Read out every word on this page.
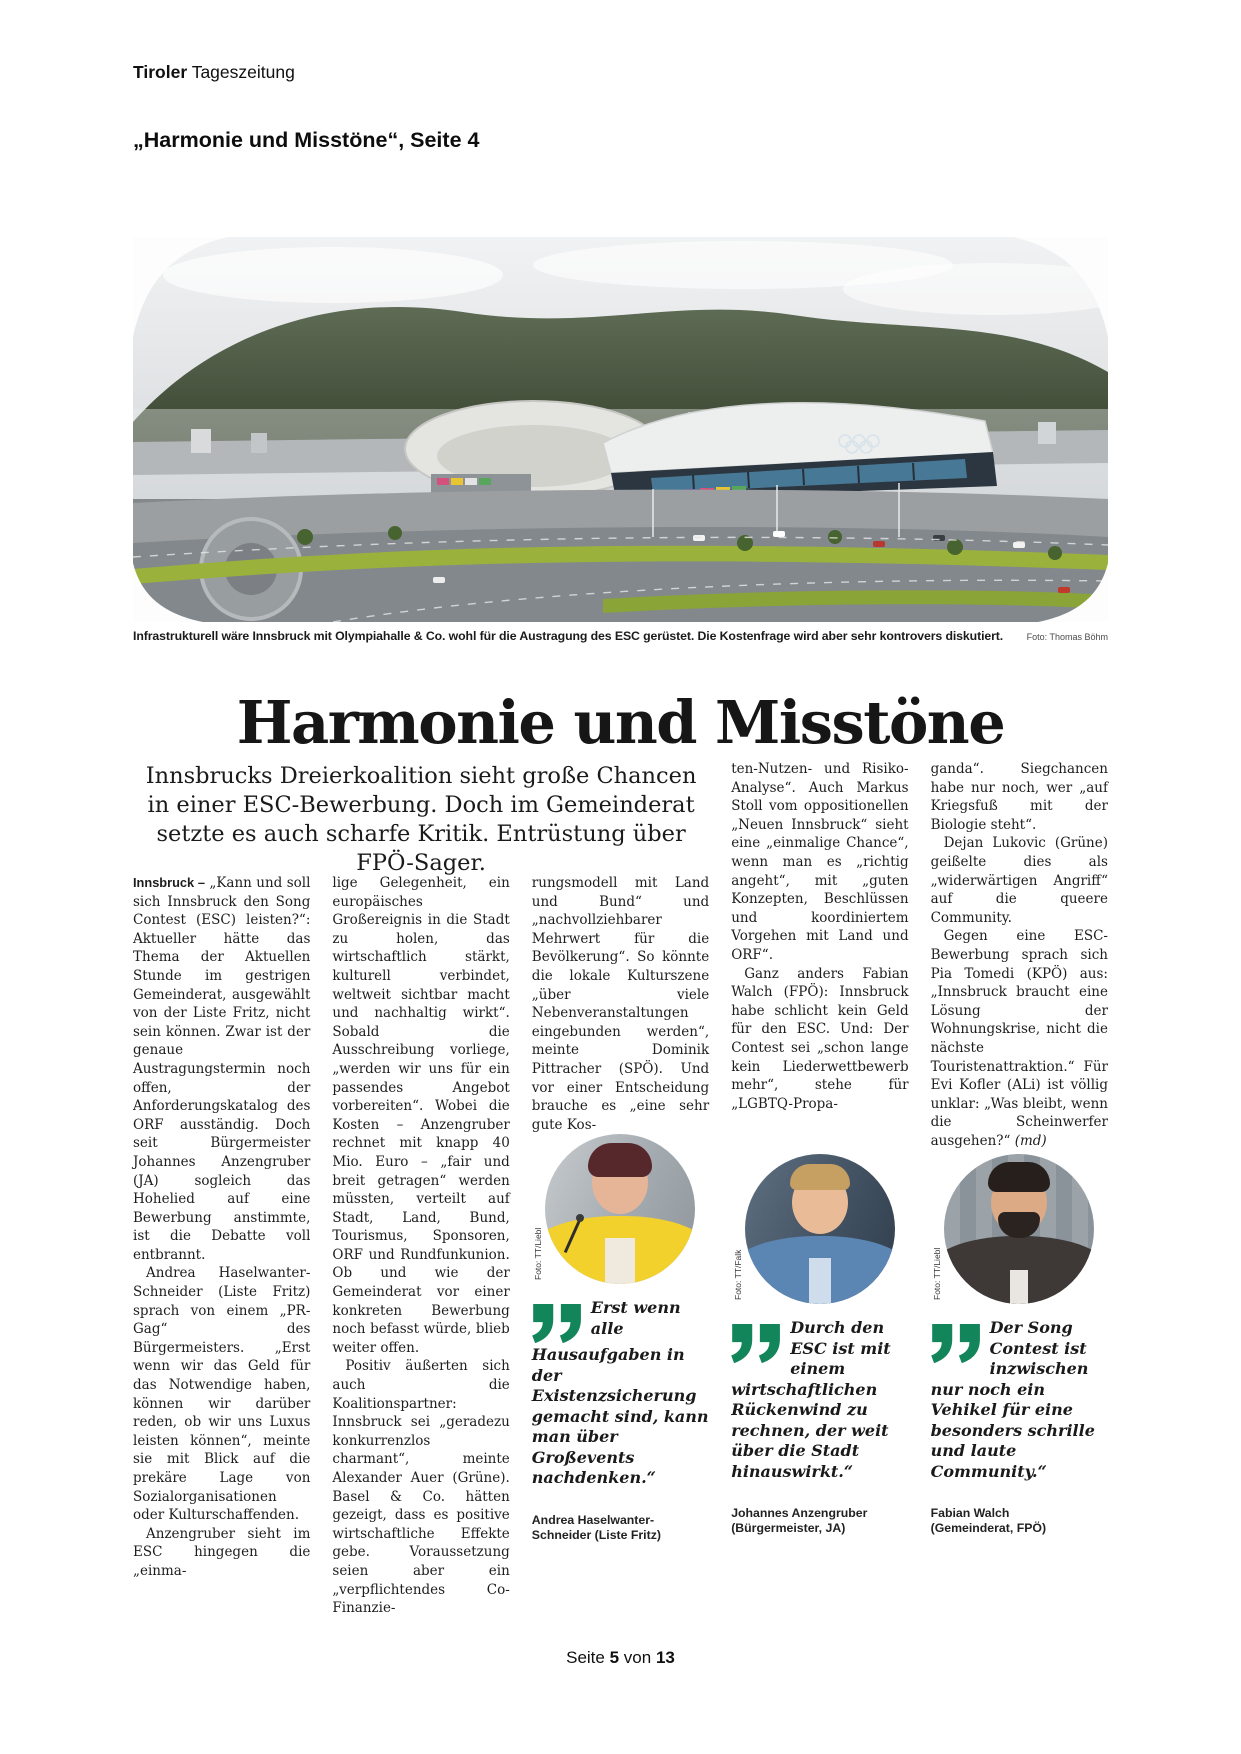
Tiroler Tageszeitung
„Harmonie und Misstöne“, Seite 4
Infrastrukturell wäre Innsbruck mit Olympiahalle & Co. wohl für die Austragung des ESC gerüstet. Die Kostenfrage wird aber sehr kontrovers diskutiert.	Foto: Thomas Böhm
Harmonie und Misstöne
Innsbrucks Dreierkoalition sieht große Chancen in einer ESC-Bewerbung. Doch im Gemeinderat setzte es auch scharfe Kritik. Entrüstung über FPÖ-Sager.

Innsbruck – „Kann und soll sich Innsbruck den Song Contest (ESC) leisten?“: Aktueller hätte das Thema der Aktuellen Stunde im gestrigen Gemeinderat, ausgewählt von der Liste Fritz, nicht sein können. Zwar ist der genaue Austragungstermin noch offen, der Anforderungskatalog des ORF ausständig. Doch seit Bürgermeister Johannes Anzengruber (JA) sogleich das Hohelied auf eine Bewerbung anstimmte, ist die Debatte voll entbrannt.

Andrea Haselwanter-Schneider (Liste Fritz) sprach von einem „PR-Gag“ des Bürgermeisters. „Erst wenn wir das Geld für das Notwendige haben, können wir darüber reden, ob wir uns Luxus leisten können“, meinte sie mit Blick auf die prekäre Lage von Sozialorganisationen oder Kulturschaffenden.

Anzengruber sieht im ESC hingegen die „einma-

lige Gelegenheit, ein europäisches Großereignis in die Stadt zu holen, das wirtschaftlich stärkt, kulturell verbindet, weltweit sichtbar macht und nachhaltig wirkt“. Sobald die Ausschreibung vorliege, „werden wir uns für ein passendes Angebot vorbereiten“. Wobei die Kosten – Anzengruber rechnet mit knapp 40 Mio. Euro – „fair und breit getragen“ werden müssten, verteilt auf Stadt, Land, Bund, Tourismus, Sponsoren, ORF und Rundfunkunion. Ob und wie der Gemeinderat vor einer konkreten Bewerbung noch befasst würde, blieb weiter offen.

Positiv äußerten sich auch die Koalitionspartner: Innsbruck sei „geradezu konkurrenzlos charmant“, meinte Alexander Auer (Grüne). Basel & Co. hätten gezeigt, dass es positive wirtschaftliche Effekte gebe. Voraussetzung seien aber ein „verpflichtendes Co-Finanzie-

rungsmodell mit Land und Bund“ und „nachvollziehbarer Mehrwert für die Bevölkerung“. So könnte die lokale Kulturszene „über viele Nebenveranstaltungen eingebunden werden“, meinte Dominik Pittracher (SPÖ). Und vor einer Entscheidung brauche es „eine sehr gute Kos-

Foto: TT/Liebl
Erst wenn alle Hausaufgaben in der Existenzsicherung gemacht sind, kann man über Großevents nachdenken.“
Andrea Haselwanter-
Schneider (Liste Fritz)

ten-Nutzen- und Risiko-Analyse“. Auch Markus Stoll vom oppositionellen „Neuen Innsbruck“ sieht eine „einmalige Chance“, wenn man es „richtig angeht“, mit „guten Konzepten, Beschlüssen und koordiniertem Vorgehen mit Land und ORF“.

Ganz anders Fabian Walch (FPÖ): Innsbruck habe schlicht kein Geld für den ESC. Und: Der Contest sei „schon lange kein Liederwettbewerb mehr“, stehe für „LGBTQ-Propa-

Foto: TT/Falk
Durch den ESC ist mit einem wirtschaftlichen Rückenwind zu rechnen, der weit über die Stadt hinauswirkt.“
Johannes Anzengruber
(Bürgermeister, JA)

ganda“. Siegchancen habe nur noch, wer „auf Kriegsfuß mit der Biologie steht“.

Dejan Lukovic (Grüne) geißelte dies als „widerwärtigen Angriff“ auf die queere Community.

Gegen eine ESC-Bewerbung sprach sich Pia Tomedi (KPÖ) aus: „Innsbruck braucht eine Lösung der Wohnungskrise, nicht die nächste Touristenattraktion.“ Für Evi Kofler (ALi) ist völlig unklar: „Was bleibt, wenn die Scheinwerfer ausgehen?“ (md)

Foto: TT/Liebl
Der Song Contest ist inzwischen nur noch ein Vehikel für eine besonders schrille und laute Community.“
Fabian Walch
(Gemeinderat, FPÖ)
Seite 5 von 13
